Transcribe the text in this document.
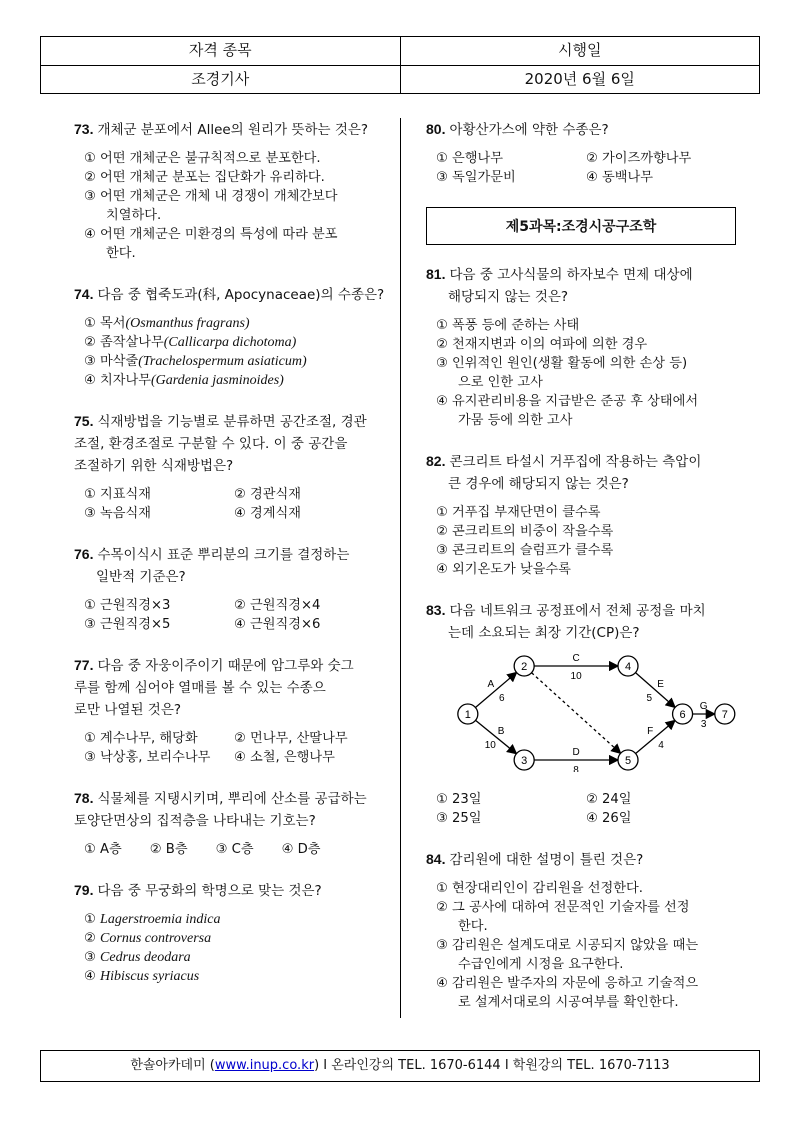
자격 종목	시행일
조경기사	2020년 6월 6일
73. 개체군 분포에서 Allee의 원리가 뜻하는 것은?
① 어떤 개체군은 불규칙적으로 분포한다.
② 어떤 개체군 분포는 집단화가 유리하다.
③ 어떤 개체군은 개체 내 경쟁이 개체간보다
치열하다.
④ 어떤 개체군은 미환경의 특성에 따라 분포
한다.
74. 다음 중 협죽도과(科, Apocynaceae)의 수종은?
① 목서(Osmanthus fragrans)
② 좀작살나무(Callicarpa dichotoma)
③ 마삭줄(Trachelospermum asiaticum)
④ 치자나무(Gardenia jasminoides)
75. 식재방법을 기능별로 분류하면 공간조절, 경관
조절, 환경조절로 구분할 수 있다. 이 중 공간을
조절하기 위한 식재방법은?
① 지표식재	② 경관식재
③ 녹음식재	④ 경계식재
76. 수목이식시 표준 뿌리분의 크기를 결정하는
일반적 기준은?
① 근원직경×3	② 근원직경×4
③ 근원직경×5	④ 근원직경×6
77. 다음 중 자웅이주이기 때문에 암그루와 숫그
루를 함께 심어야 열매를 볼 수 있는 수종으
로만 나열된 것은?
① 계수나무, 해당화	② 먼나무, 산딸나무
③ 낙상홍, 보리수나무	④ 소철, 은행나무
78. 식물체를 지탱시키며, 뿌리에 산소를 공급하는
토양단면상의 집적층을 나타내는 기호는?
① A층 ② B층 ③ C층 ④ D층
79. 다음 중 무궁화의 학명으로 맞는 것은?
① Lagerstroemia indica
② Cornus controversa
③ Cedrus deodara
④ Hibiscus syriacus
80. 아황산가스에 약한 수종은?
① 은행나무	② 가이즈까향나무
③ 독일가문비	④ 동백나무
제5과목:조경시공구조학
81. 다음 중 고사식물의 하자보수 면제 대상에
해당되지 않는 것은?
① 폭풍 등에 준하는 사태
② 천재지변과 이의 여파에 의한 경우
③ 인위적인 원인(생활 활동에 의한 손상 등)
으로 인한 고사
④ 유지관리비용을 지급받은 준공 후 상태에서
가뭄 등에 의한 고사
82. 콘크리트 타설시 거푸집에 작용하는 측압이
큰 경우에 해당되지 않는 것은?
① 거푸집 부재단면이 클수록
② 콘크리트의 비중이 작을수록
③ 콘크리트의 슬럼프가 클수록
④ 외기온도가 낮을수록
83. 다음 네트워크 공정표에서 전체 공정을 마치
는데 소요되는 최장 기간(CP)은?
A
6
B
10
C
10
D
8
E
5
F
4
G
3
1
2
3
4
5
6	7
① 23일	② 24일
③ 25일	④ 26일
84. 감리원에 대한 설명이 틀린 것은?
① 현장대리인이 감리원을 선정한다.
② 그 공사에 대하여 전문적인 기술자를 선정
한다.
③ 감리원은 설계도대로 시공되지 않았을 때는
수급인에게 시정을 요구한다.
④ 감리원은 발주자의 자문에 응하고 기술적으
로 설계서대로의 시공여부를 확인한다.
한솔아카데미 (www.inup.co.kr) I 온라인강의 TEL. 1670-6144 I 학원강의 TEL. 1670-7113
